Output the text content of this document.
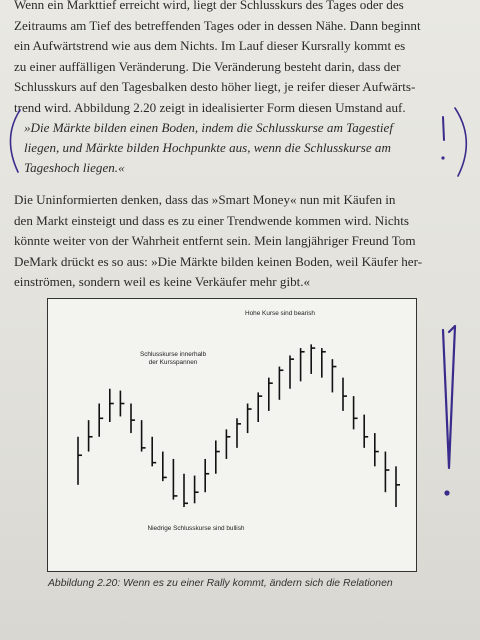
Wenn ein Markttief erreicht wird, liegt der Schlusskurs des Tages oder des
Zeitraums am Tief des betreffenden Tages oder in dessen Nähe. Dann beginnt
ein Aufwärtstrend wie aus dem Nichts. Im Lauf dieser Kursrally kommt es
zu einer auffälligen Veränderung. Die Veränderung besteht darin, dass der
Schlusskurs auf den Tagesbalken desto höher liegt, je reifer dieser Aufwärts-
trend wird. Abbildung 2.20 zeigt in idealisierter Form diesen Umstand auf.

»Die Märkte bilden einen Boden, indem die Schlusskurse am Tagestief
liegen, und Märkte bilden Hochpunkte aus, wenn die Schlusskurse am
Tageshoch liegen.«

Die Uninformierten denken, dass das »Smart Money« nun mit Käufen in
den Markt einsteigt und dass es zu einer Trendwende kommen wird. Nichts
könnte weiter von der Wahrheit entfernt sein. Mein langjähriger Freund Tom
DeMark drückt es so aus: »Die Märkte bilden keinen Boden, weil Käufer her-
einströmen, sondern weil es keine Verkäufer mehr gibt.«

Hohe Kurse sind bearish
Schlusskurse innerhalb
der Kursspannen
Niedrige Schlusskurse sind bullish

Abbildung 2.20: Wenn es zu einer Rally kommt, ändern sich die Relationen
